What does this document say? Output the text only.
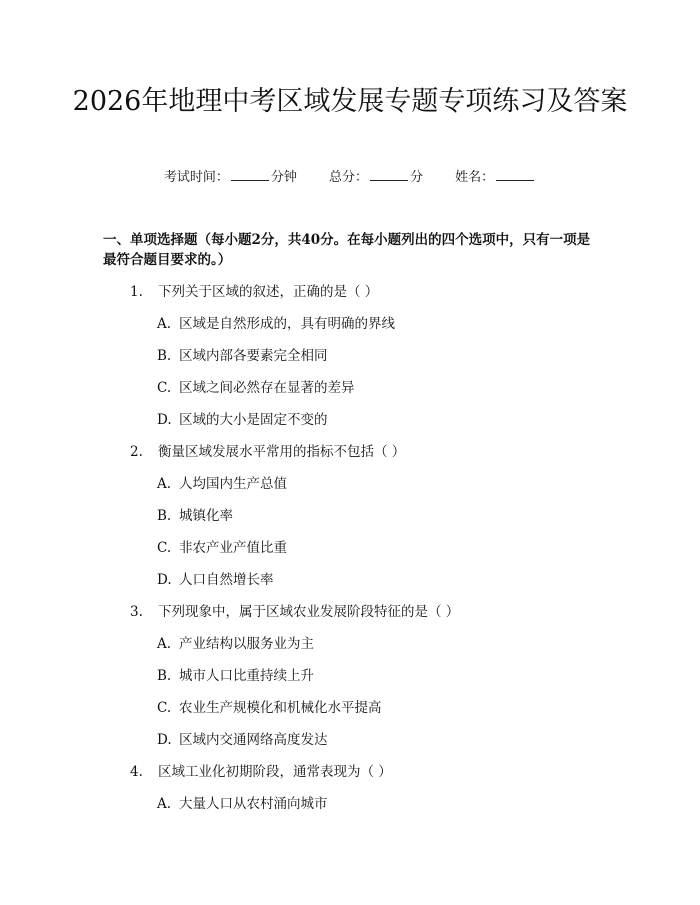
2026年地理中考区域发展专题专项练习及答案
考试时间：	分钟 总分：	分 姓名：

一、单项选择题（每小题2分，共40分。在每小题列出的四个选项中，只有一项是最符合题目要求的。）

1. 下列关于区域的叙述，正确的是（ ）
A. 区域是自然形成的，具有明确的界线
B. 区域内部各要素完全相同
C. 区域之间必然存在显著的差异
D. 区域的大小是固定不变的
2. 衡量区域发展水平常用的指标不包括（ ）
A. 人均国内生产总值
B. 城镇化率
C. 非农产业产值比重
D. 人口自然增长率
3. 下列现象中，属于区域农业发展阶段特征的是（ ）
A. 产业结构以服务业为主
B. 城市人口比重持续上升
C. 农业生产规模化和机械化水平提高
D. 区域内交通网络高度发达
4. 区域工业化初期阶段，通常表现为（ ）
A. 大量人口从农村涌向城市
